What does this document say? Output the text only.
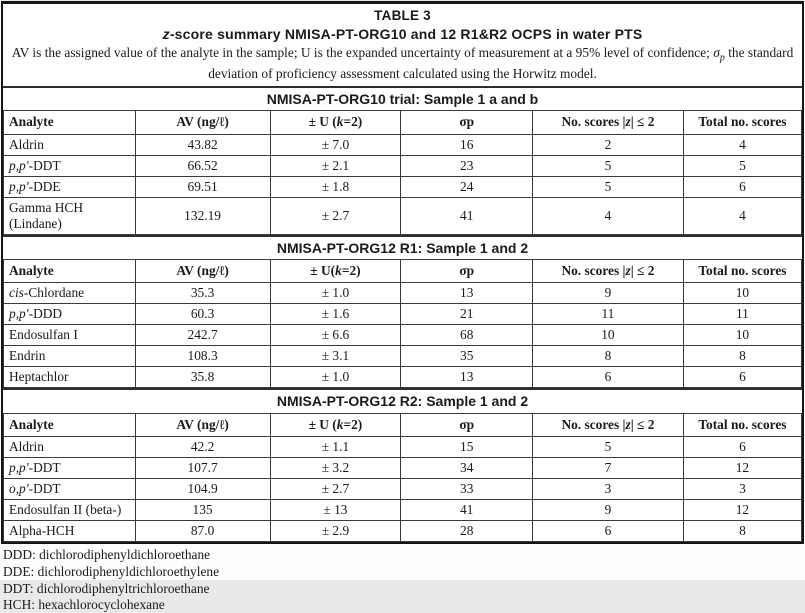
TABLE 3
z-score summary NMISA-PT-ORG10 and 12 R1&R2 OCPS in water PTS

AV is the assigned value of the analyte in the sample; U is the expanded uncertainty of measurement at a 95% level of confidence; $\sigma_p$ the standard deviation of proficiency assessment calculated using the Horwitz model.

NMISA-PT-ORG10 trial: Sample 1 a and b
Analyte	AV (ng/ℓ)	± U (k=2)	σp	No. scores |z| ≤ 2	Total no. scores
Aldrin	43.82	± 7.0	16	2	4
p,p'-DDT	66.52	± 2.1	23	5	5
p,p'-DDE	69.51	± 1.8	24	5	6
Gamma HCH (Lindane)	132.19	± 2.7	41	4	4
NMISA-PT-ORG12 R1: Sample 1 and 2
Analyte	AV (ng/ℓ)	± U(k=2)	σp	No. scores |z| ≤ 2	Total no. scores
cis-Chlordane	35.3	± 1.0	13	9	10
p,p'-DDD	60.3	± 1.6	21	11	11
Endosulfan I	242.7	± 6.6	68	10	10
Endrin	108.3	± 3.1	35	8	8
Heptachlor	35.8	± 1.0	13	6	6
NMISA-PT-ORG12 R2: Sample 1 and 2
Analyte	AV (ng/ℓ)	± U (k=2)	σp	No. scores |z| ≤ 2	Total no. scores
Aldrin	42.2	± 1.1	15	5	6
p,p'-DDT	107.7	± 3.2	34	7	12
o,p'-DDT	104.9	± 2.7	33	3	3
Endosulfan II (beta-)	135	± 13	41	9	12
Alpha-HCH	87.0	± 2.9	28	6	8
DDD: dichlorodiphenyldichloroethane
DDE: dichlorodiphenyldichloroethylene
DDT: dichlorodiphenyltrichloroethane
HCH: hexachlorocyclohexane
